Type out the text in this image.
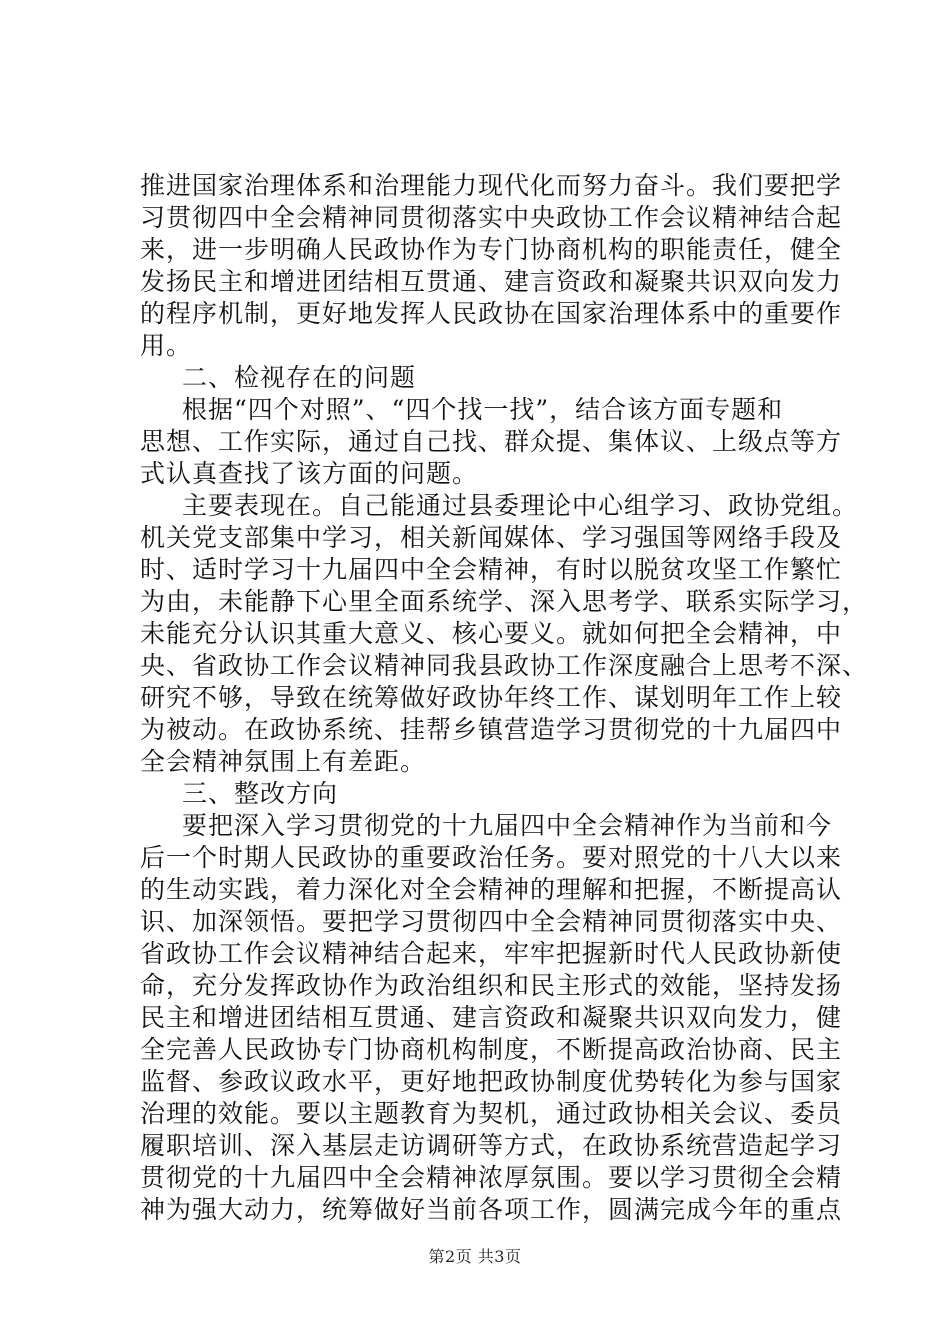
推进国家治理体系和治理能力现代化而努力奋斗。我们要把学
习贯彻四中全会精神同贯彻落实中央政协工作会议精神结合起
来，进一步明确人民政协作为专门协商机构的职能责任，健全
发扬民主和增进团结相互贯通、建言资政和凝聚共识双向发力
的程序机制，更好地发挥人民政协在国家治理体系中的重要作
用。
二、检视存在的问题
根据“四个对照”、“四个找一找”，结合该方面专题和
思想、工作实际，通过自己找、群众提、集体议、上级点等方
式认真查找了该方面的问题。
主要表现在。自己能通过县委理论中心组学习、政协党组。
机关党支部集中学习，相关新闻媒体、学习强国等网络手段及
时、适时学习十九届四中全会精神，有时以脱贫攻坚工作繁忙
为由，未能静下心里全面系统学、深入思考学、联系实际学习，
未能充分认识其重大意义、核心要义。就如何把全会精神，中
央、省政协工作会议精神同我县政协工作深度融合上思考不深、
研究不够，导致在统筹做好政协年终工作、谋划明年工作上较
为被动。在政协系统、挂帮乡镇营造学习贯彻党的十九届四中
全会精神氛围上有差距。
三、整改方向
要把深入学习贯彻党的十九届四中全会精神作为当前和今
后一个时期人民政协的重要政治任务。要对照党的十八大以来
的生动实践，着力深化对全会精神的理解和把握，不断提高认
识、加深领悟。要把学习贯彻四中全会精神同贯彻落实中央、
省政协工作会议精神结合起来，牢牢把握新时代人民政协新使
命，充分发挥政协作为政治组织和民主形式的效能，坚持发扬
民主和增进团结相互贯通、建言资政和凝聚共识双向发力，健
全完善人民政协专门协商机构制度，不断提高政治协商、民主
监督、参政议政水平，更好地把政协制度优势转化为参与国家
治理的效能。要以主题教育为契机，通过政协相关会议、委员
履职培训、深入基层走访调研等方式，在政协系统营造起学习
贯彻党的十九届四中全会精神浓厚氛围。要以学习贯彻全会精
神为强大动力，统筹做好当前各项工作，圆满完成今年的重点
第2页 共3页
